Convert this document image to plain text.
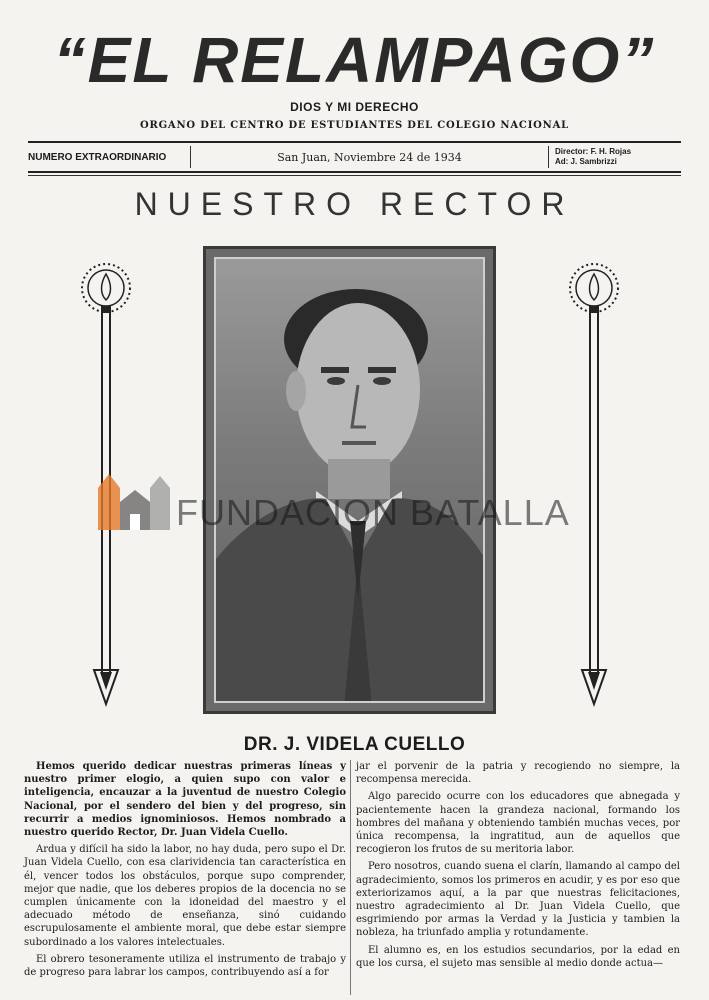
“EL RELAMPAGO”
DIOS Y MI DERECHO
ORGANO DEL CENTRO DE ESTUDIANTES DEL COLEGIO NACIONAL
NUMERO EXTRAORDINARIO	San Juan, Noviembre 24 de 1934	Director: F. H. Rojas
Ad: J. Sambrizzi
NUESTRO RECTOR
FUNDACION BATALLA
DR. J. VIDELA CUELLO

Hemos querido dedicar nuestras primeras líneas y nuestro primer elogio, a quien supo con valor e inteligencia, encauzar a la juventud de nuestro Colegio Nacional, por el sendero del bien y del progreso, sin recurrir a medios ignominiosos. Hemos nombrado a nuestro querido Rector, Dr. Juan Videla Cuello.

Ardua y difícil ha sido la labor, no hay duda, pero supo el Dr. Juan Videla Cuello, con esa clarividencia tan característica en él, vencer todos los obstáculos, porque supo comprender, mejor que nadie, que los deberes propios de la docencia no se cumplen únicamente con la idoneidad del maestro y el adecuado método de enseñanza, sinó cuidando escrupulosamente el ambiente moral, que debe estar siempre subordinado a los valores intelectuales.

El obrero tesoneramente utiliza el instrumento de trabajo y de progreso para labrar los campos, contribuyendo así a for

jar el porvenir de la patria y recogiendo no siempre, la recompensa merecida.

Algo parecido ocurre con los educadores que abnegada y pacientemente hacen la grandeza nacional, formando los hombres del mañana y obteniendo también muchas veces, por única recompensa, la ingratitud, aun de aquellos que recogieron los frutos de su meritoria labor.

Pero nosotros, cuando suena el clarín, llamando al campo del agradecimiento, somos los primeros en acudir, y es por eso que exteriorizamos aquí, a la par que nuestras felicitaciones, nuestro agradecimiento al Dr. Juan Videla Cuello, que esgrimiendo por armas la Verdad y la Justicia y tambien la nobleza, ha triunfado amplia y rotundamente.

El alumno es, en los estudios secundarios, por la edad en que los cursa, el sujeto mas sensible al medio donde actua—
